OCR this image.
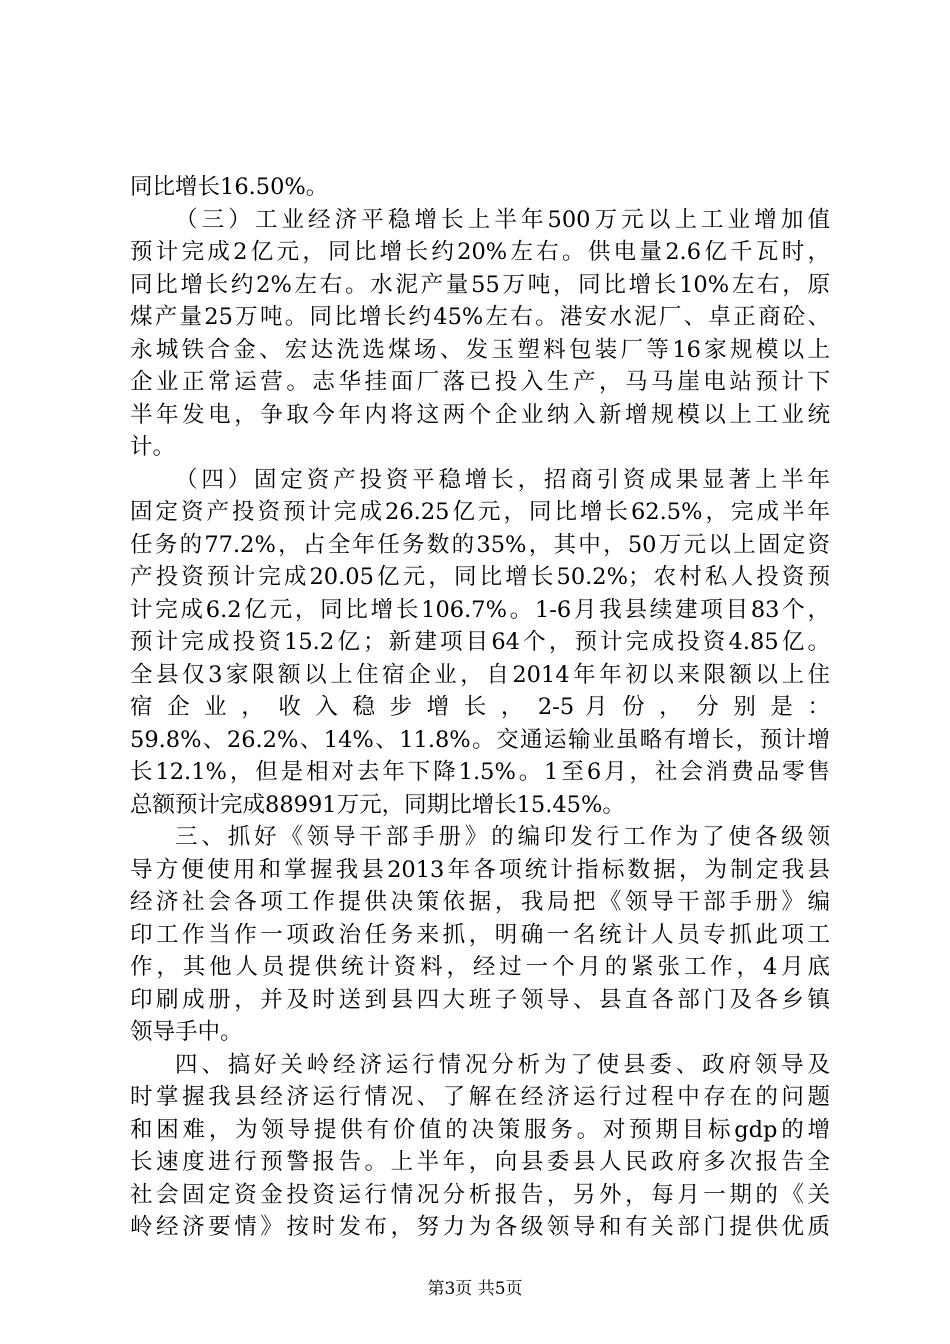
同比增长16.50%。
（三）工业经济平稳增长上半年500万元以上工业增加值
预计完成2亿元，同比增长约20%左右。供电量2.6亿千瓦时，
同比增长约2%左右。水泥产量55万吨，同比增长10%左右，原
煤产量25万吨。同比增长约45%左右。港安水泥厂、卓正商砼、
永城铁合金、宏达洗选煤场、发玉塑料包装厂等16家规模以上
企业正常运营。志华挂面厂落已投入生产，马马崖电站预计下
半年发电，争取今年内将这两个企业纳入新增规模以上工业统
计。
（四）固定资产投资平稳增长，招商引资成果显著上半年
固定资产投资预计完成26.25亿元，同比增长62.5%，完成半年
任务的77.2%，占全年任务数的35%，其中，50万元以上固定资
产投资预计完成20.05亿元，同比增长50.2%；农村私人投资预
计完成6.2亿元，同比增长106.7%。1-6月我县续建项目83个，
预计完成投资15.2亿；新建项目64个，预计完成投资4.85亿。
全县仅3家限额以上住宿企业，自2014年年初以来限额以上住
宿 企 业 ， 收 入 稳 步 增 长 ， 2-5 月 份 ， 分 别 是 ：
59.8%、26.2%、14%、11.8%。交通运输业虽略有增长，预计增
长12.1%，但是相对去年下降1.5%。1至6月，社会消费品零售
总额预计完成88991万元，同期比增长15.45%。
三、抓好《领导干部手册》的编印发行工作为了使各级领
导方便使用和掌握我县2013年各项统计指标数据，为制定我县
经济社会各项工作提供决策依据，我局把《领导干部手册》编
印工作当作一项政治任务来抓，明确一名统计人员专抓此项工
作，其他人员提供统计资料，经过一个月的紧张工作，4月底
印刷成册，并及时送到县四大班子领导、县直各部门及各乡镇
领导手中。
四、搞好关岭经济运行情况分析为了使县委、政府领导及
时掌握我县经济运行情况、了解在经济运行过程中存在的问题
和困难，为领导提供有价值的决策服务。对预期目标gdp的增
长速度进行预警报告。上半年，向县委县人民政府多次报告全
社会固定资金投资运行情况分析报告，另外，每月一期的《关
岭经济要情》按时发布，努力为各级领导和有关部门提供优质
第3页 共5页
